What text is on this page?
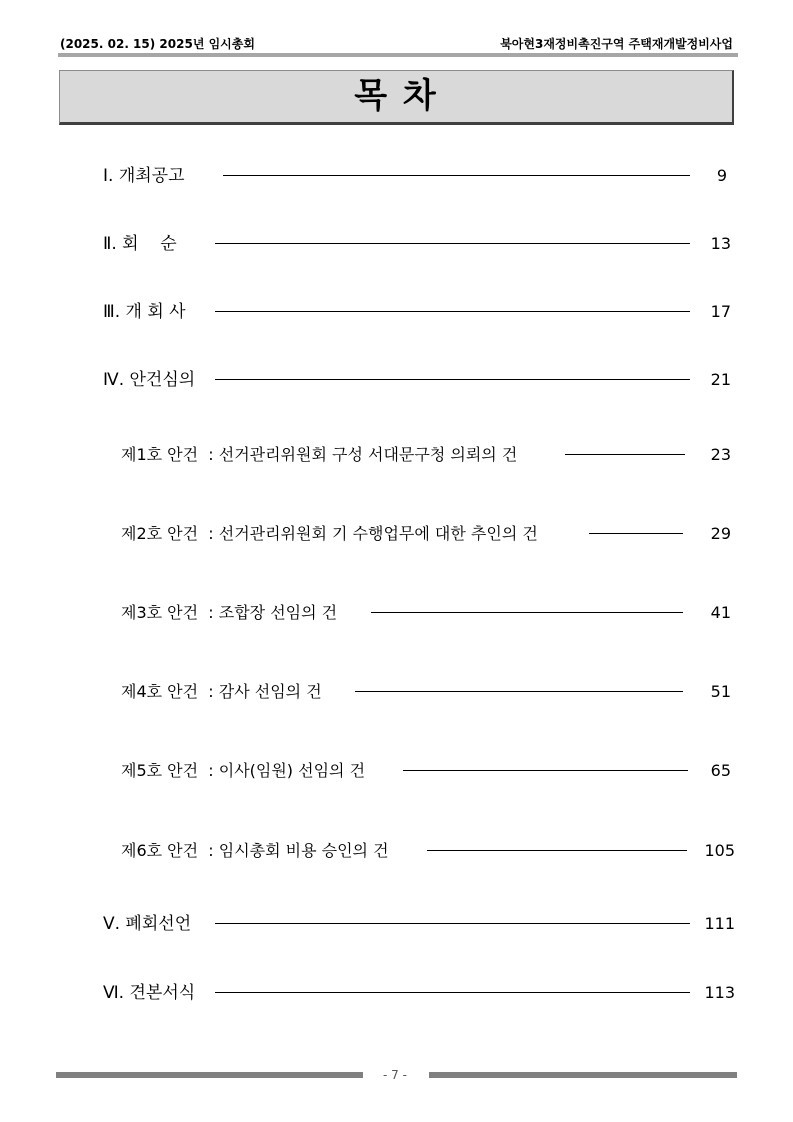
(2025. 02. 15) 2025년 임시총회	북아현3재정비촉진구역 주택재개발정비사업
목 차
Ⅰ. 개최공고	9
Ⅱ. 회    순	13
Ⅲ. 개 회 사	17
Ⅳ. 안건심의	21
제1호 안건  : 선거관리위원회 구성 서대문구청 의뢰의 건	23
제2호 안건  : 선거관리위원회 기 수행업무에 대한 추인의 건	29
제3호 안건  : 조합장 선임의 건	41
제4호 안건  : 감사 선임의 건	51
제5호 안건  : 이사(임원) 선임의 건	65
제6호 안건  : 임시총회 비용 승인의 건	105
Ⅴ. 폐회선언	111
Ⅵ. 견본서식	113
- 7 -
